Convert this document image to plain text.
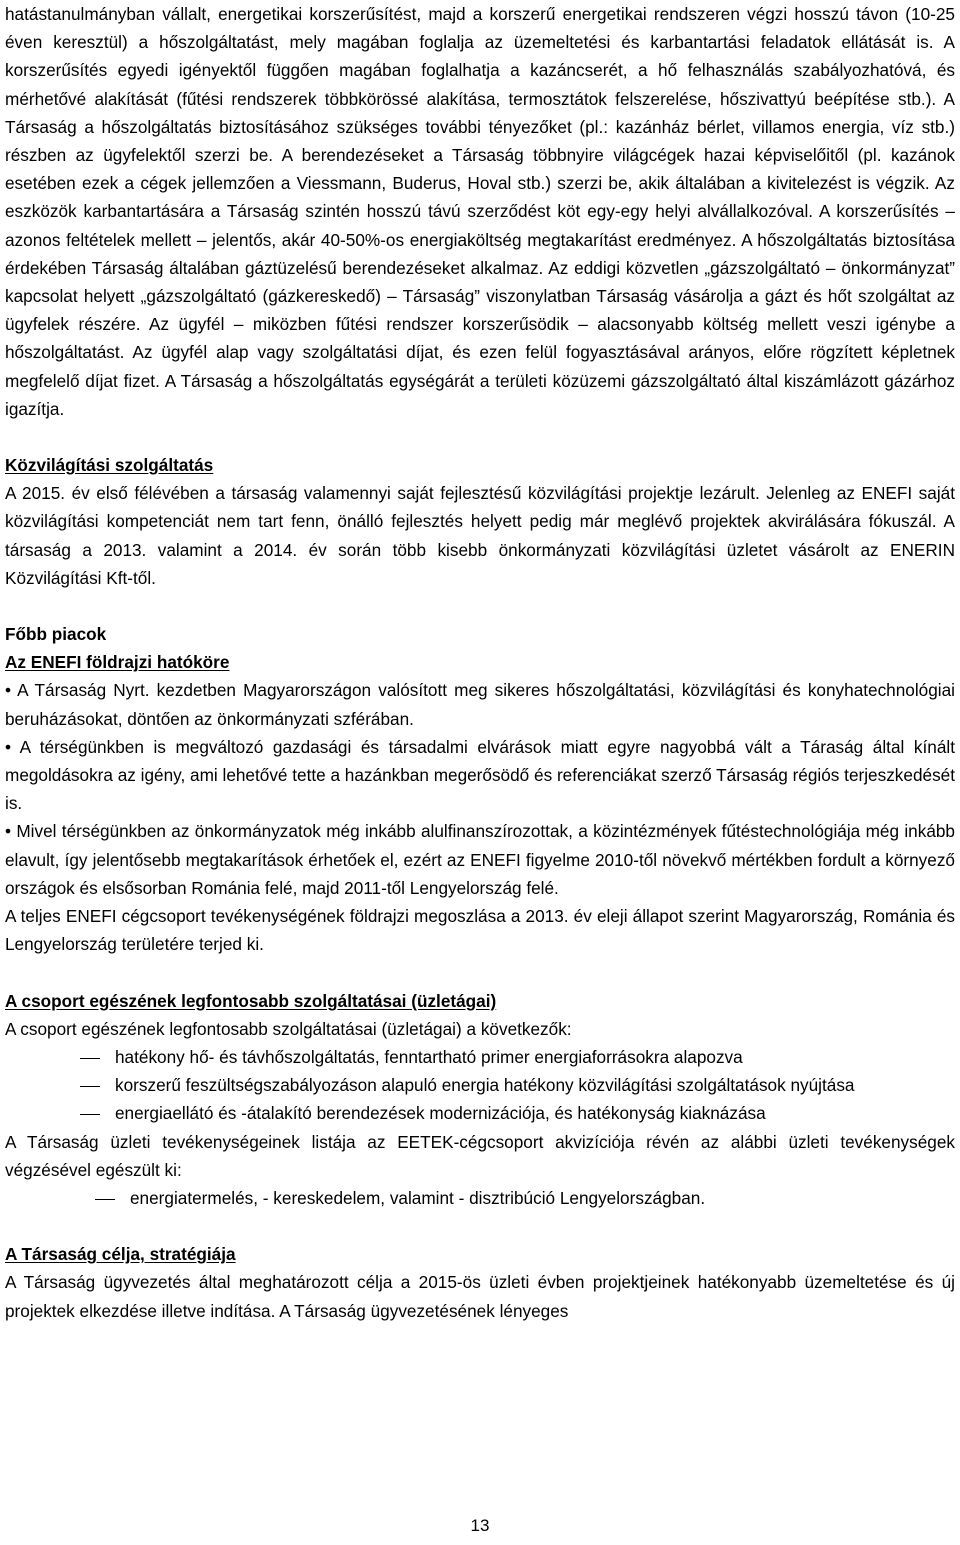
hatástanulmányban vállalt, energetikai korszerűsítést, majd a korszerű energetikai rendszeren végzi hosszú távon (10-25 éven keresztül) a hőszolgáltatást, mely magában foglalja az üzemeltetési és karbantartási feladatok ellátását is. A korszerűsítés egyedi igényektől függően magában foglalhatja a kazáncserét, a hő felhasználás szabályozhatóvá, és mérhetővé alakítását (fűtési rendszerek többkörössé alakítása, termosztátok felszerelése, hőszivattyú beépítése stb.). A Társaság a hőszolgáltatás biztosításához szükséges további tényezőket (pl.: kazánház bérlet, villamos energia, víz stb.) részben az ügyfelektől szerzi be. A berendezéseket a Társaság többnyire világcégek hazai képviselőitől (pl. kazánok esetében ezek a cégek jellemzően a Viessmann, Buderus, Hoval stb.) szerzi be, akik általában a kivitelezést is végzik. Az eszközök karbantartására a Társaság szintén hosszú távú szerződést köt egy-egy helyi alvállalkozóval. A korszerűsítés – azonos feltételek mellett – jelentős, akár 40-50%-os energiaköltség megtakarítást eredményez. A hőszolgáltatás biztosítása érdekében Társaság általában gáztüzelésű berendezéseket alkalmaz. Az eddigi közvetlen „gázszolgáltató – önkormányzat” kapcsolat helyett „gázszolgáltató (gázkereskedő) – Társaság” viszonylatban Társaság vásárolja a gázt és hőt szolgáltat az ügyfelek részére. Az ügyfél – miközben fűtési rendszer korszerűsödik – alacsonyabb költség mellett veszi igénybe a hőszolgáltatást. Az ügyfél alap vagy szolgáltatási díjat, és ezen felül fogyasztásával arányos, előre rögzített képletnek megfelelő díjat fizet. A Társaság a hőszolgáltatás egységárát a területi közüzemi gázszolgáltató által kiszámlázott gázárhoz igazítja.

Közvilágítási szolgáltatás

A 2015. év első félévében a társaság valamennyi saját fejlesztésű közvilágítási projektje lezárult. Jelenleg az ENEFI saját közvilágítási kompetenciát nem tart fenn, önálló fejlesztés helyett pedig már meglévő projektek akvirálására fókuszál. A társaság a 2013. valamint a 2014. év során több kisebb önkormányzati közvilágítási üzletet vásárolt az ENERIN Közvilágítási Kft-től.

Főbb piacok

Az ENEFI földrajzi hatóköre

• A Társaság Nyrt. kezdetben Magyarországon valósított meg sikeres hőszolgáltatási, közvilágítási és konyhatechnológiai beruházásokat, döntően az önkormányzati szférában.

• A térségünkben is megváltozó gazdasági és társadalmi elvárások miatt egyre nagyobbá vált a Táraság által kínált megoldásokra az igény, ami lehetővé tette a hazánkban megerősödő és referenciákat szerző Társaság régiós terjeszkedését is.

• Mivel térségünkben az önkormányzatok még inkább alulfinanszírozottak, a közintézmények fűtéstechnológiája még inkább elavult, így jelentősebb megtakarítások érhetőek el, ezért az ENEFI figyelme 2010-től növekvő mértékben fordult a környező országok és elsősorban Románia felé, majd 2011-től Lengyelország felé.

A teljes ENEFI cégcsoport tevékenységének földrajzi megoszlása a 2013. év eleji állapot szerint Magyarország, Románia és Lengyelország területére terjed ki.

A csoport egészének legfontosabb szolgáltatásai (üzletágai)

A csoport egészének legfontosabb szolgáltatásai (üzletágai) a következők:

hatékony hő- és távhőszolgáltatás, fenntartható primer energiaforrásokra alapozva
korszerű feszültségszabályozáson alapuló energia hatékony közvilágítási szolgáltatások nyújtása
energiaellátó és -átalakító berendezések modernizációja, és hatékonyság kiaknázása

A Társaság üzleti tevékenységeinek listája az EETEK-cégcsoport akvizíciója révén az alábbi üzleti tevékenységek végzésével egészült ki:

energiatermelés, - kereskedelem, valamint - disztribúció Lengyelországban.

A Társaság célja, stratégiája

A Társaság ügyvezetés által meghatározott célja a 2015-ös üzleti évben projektjeinek hatékonyabb üzemeltetése és új projektek elkezdése illetve indítása. A Társaság ügyvezetésének lényeges

13
